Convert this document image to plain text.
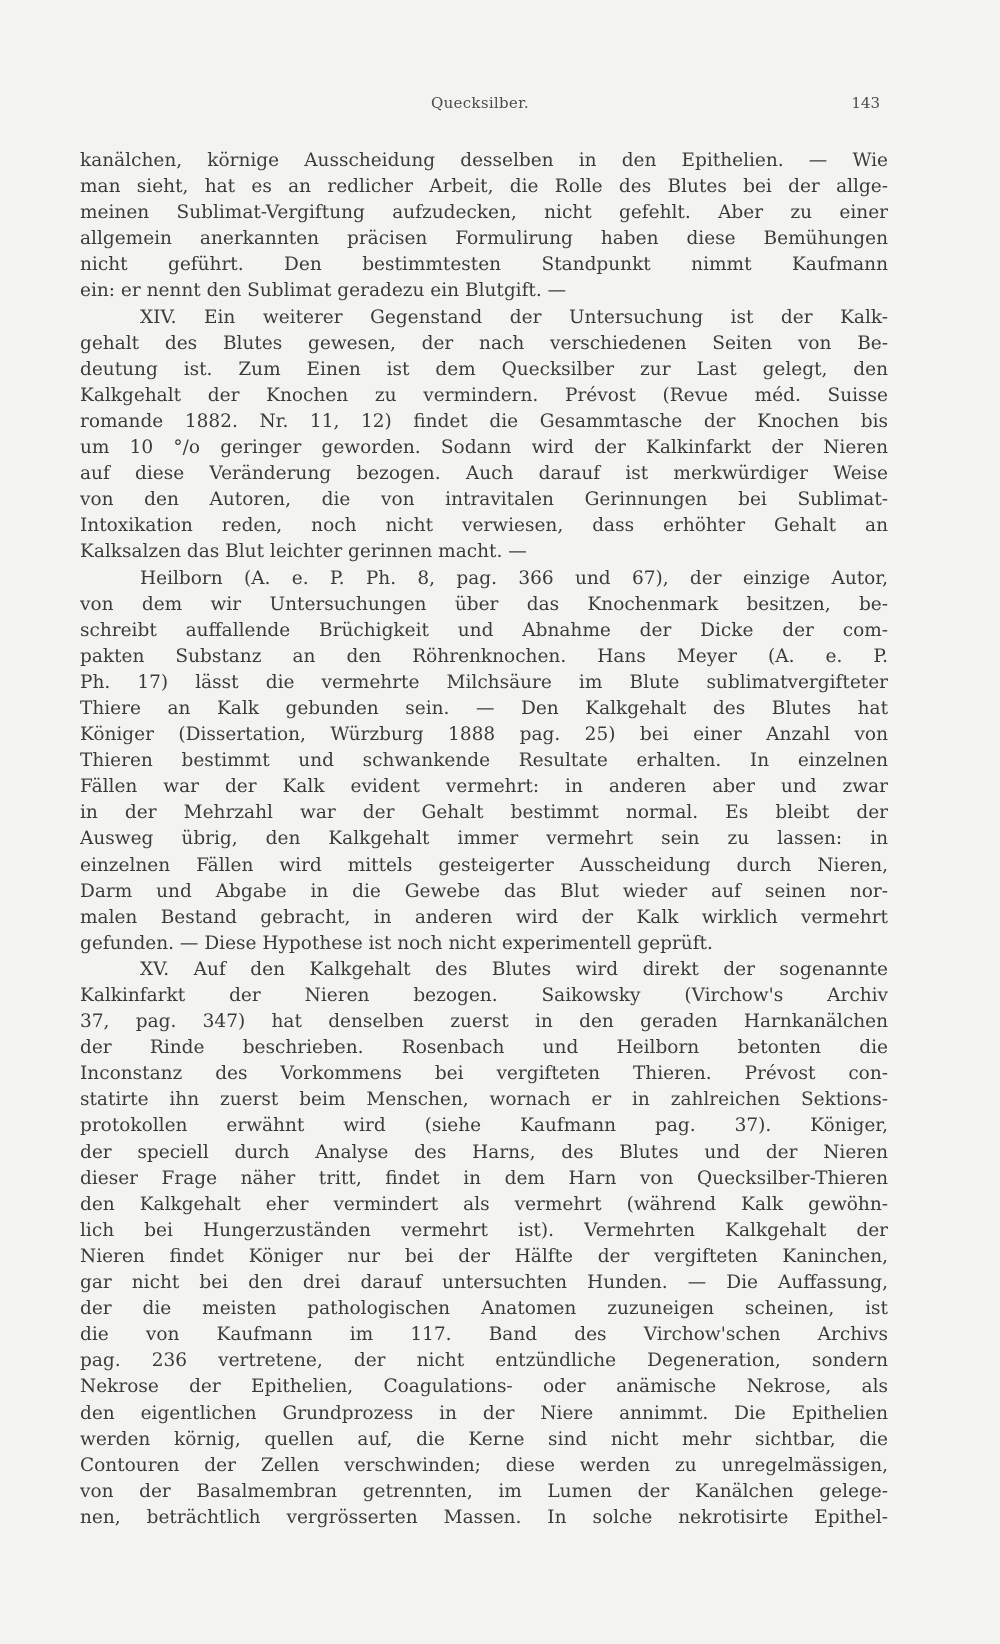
Quecksilber.	143
kanälchen, körnige Ausscheidung desselben in den Epithelien. — Wie
man sieht, hat es an redlicher Arbeit, die Rolle des Blutes bei der allge-
meinen Sublimat-Vergiftung aufzudecken, nicht gefehlt. Aber zu einer
allgemein anerkannten präcisen Formulirung haben diese Bemühungen
nicht geführt. Den bestimmtesten Standpunkt nimmt Kaufmann
ein: er nennt den Sublimat geradezu ein Blutgift. —
XIV. Ein weiterer Gegenstand der Untersuchung ist der Kalk-
gehalt des Blutes gewesen, der nach verschiedenen Seiten von Be-
deutung ist. Zum Einen ist dem Quecksilber zur Last gelegt, den
Kalkgehalt der Knochen zu vermindern. Prévost (Revue méd. Suisse
romande 1882. Nr. 11, 12) findet die Gesammtasche der Knochen bis
um 10 °/o geringer geworden. Sodann wird der Kalkinfarkt der Nieren
auf diese Veränderung bezogen. Auch darauf ist merkwürdiger Weise
von den Autoren, die von intravitalen Gerinnungen bei Sublimat-
Intoxikation reden, noch nicht verwiesen, dass erhöhter Gehalt an
Kalksalzen das Blut leichter gerinnen macht. —
Heilborn (A. e. P. Ph. 8, pag. 366 und 67), der einzige Autor,
von dem wir Untersuchungen über das Knochenmark besitzen, be-
schreibt auffallende Brüchigkeit und Abnahme der Dicke der com-
pakten Substanz an den Röhrenknochen. Hans Meyer (A. e. P.
Ph. 17) lässt die vermehrte Milchsäure im Blute sublimatvergifteter
Thiere an Kalk gebunden sein. — Den Kalkgehalt des Blutes hat
Königer (Dissertation, Würzburg 1888 pag. 25) bei einer Anzahl von
Thieren bestimmt und schwankende Resultate erhalten. In einzelnen
Fällen war der Kalk evident vermehrt: in anderen aber und zwar
in der Mehrzahl war der Gehalt bestimmt normal. Es bleibt der
Ausweg übrig, den Kalkgehalt immer vermehrt sein zu lassen: in
einzelnen Fällen wird mittels gesteigerter Ausscheidung durch Nieren,
Darm und Abgabe in die Gewebe das Blut wieder auf seinen nor-
malen Bestand gebracht, in anderen wird der Kalk wirklich vermehrt
gefunden. — Diese Hypothese ist noch nicht experimentell geprüft.
XV. Auf den Kalkgehalt des Blutes wird direkt der sogenannte
Kalkinfarkt der Nieren bezogen. Saikowsky (Virchow's Archiv
37, pag. 347) hat denselben zuerst in den geraden Harnkanälchen
der Rinde beschrieben. Rosenbach und Heilborn betonten die
Inconstanz des Vorkommens bei vergifteten Thieren. Prévost con-
statirte ihn zuerst beim Menschen, wornach er in zahlreichen Sektions-
protokollen erwähnt wird (siehe Kaufmann pag. 37). Königer,
der speciell durch Analyse des Harns, des Blutes und der Nieren
dieser Frage näher tritt, findet in dem Harn von Quecksilber-Thieren
den Kalkgehalt eher vermindert als vermehrt (während Kalk gewöhn-
lich bei Hungerzuständen vermehrt ist). Vermehrten Kalkgehalt der
Nieren findet Königer nur bei der Hälfte der vergifteten Kaninchen,
gar nicht bei den drei darauf untersuchten Hunden. — Die Auffassung,
der die meisten pathologischen Anatomen zuzuneigen scheinen, ist
die von Kaufmann im 117. Band des Virchow'schen Archivs
pag. 236 vertretene, der nicht entzündliche Degeneration, sondern
Nekrose der Epithelien, Coagulations- oder anämische Nekrose, als
den eigentlichen Grundprozess in der Niere annimmt. Die Epithelien
werden körnig, quellen auf, die Kerne sind nicht mehr sichtbar, die
Contouren der Zellen verschwinden; diese werden zu unregelmässigen,
von der Basalmembran getrennten, im Lumen der Kanälchen gelege-
nen, beträchtlich vergrösserten Massen. In solche nekrotisirte Epithel-
